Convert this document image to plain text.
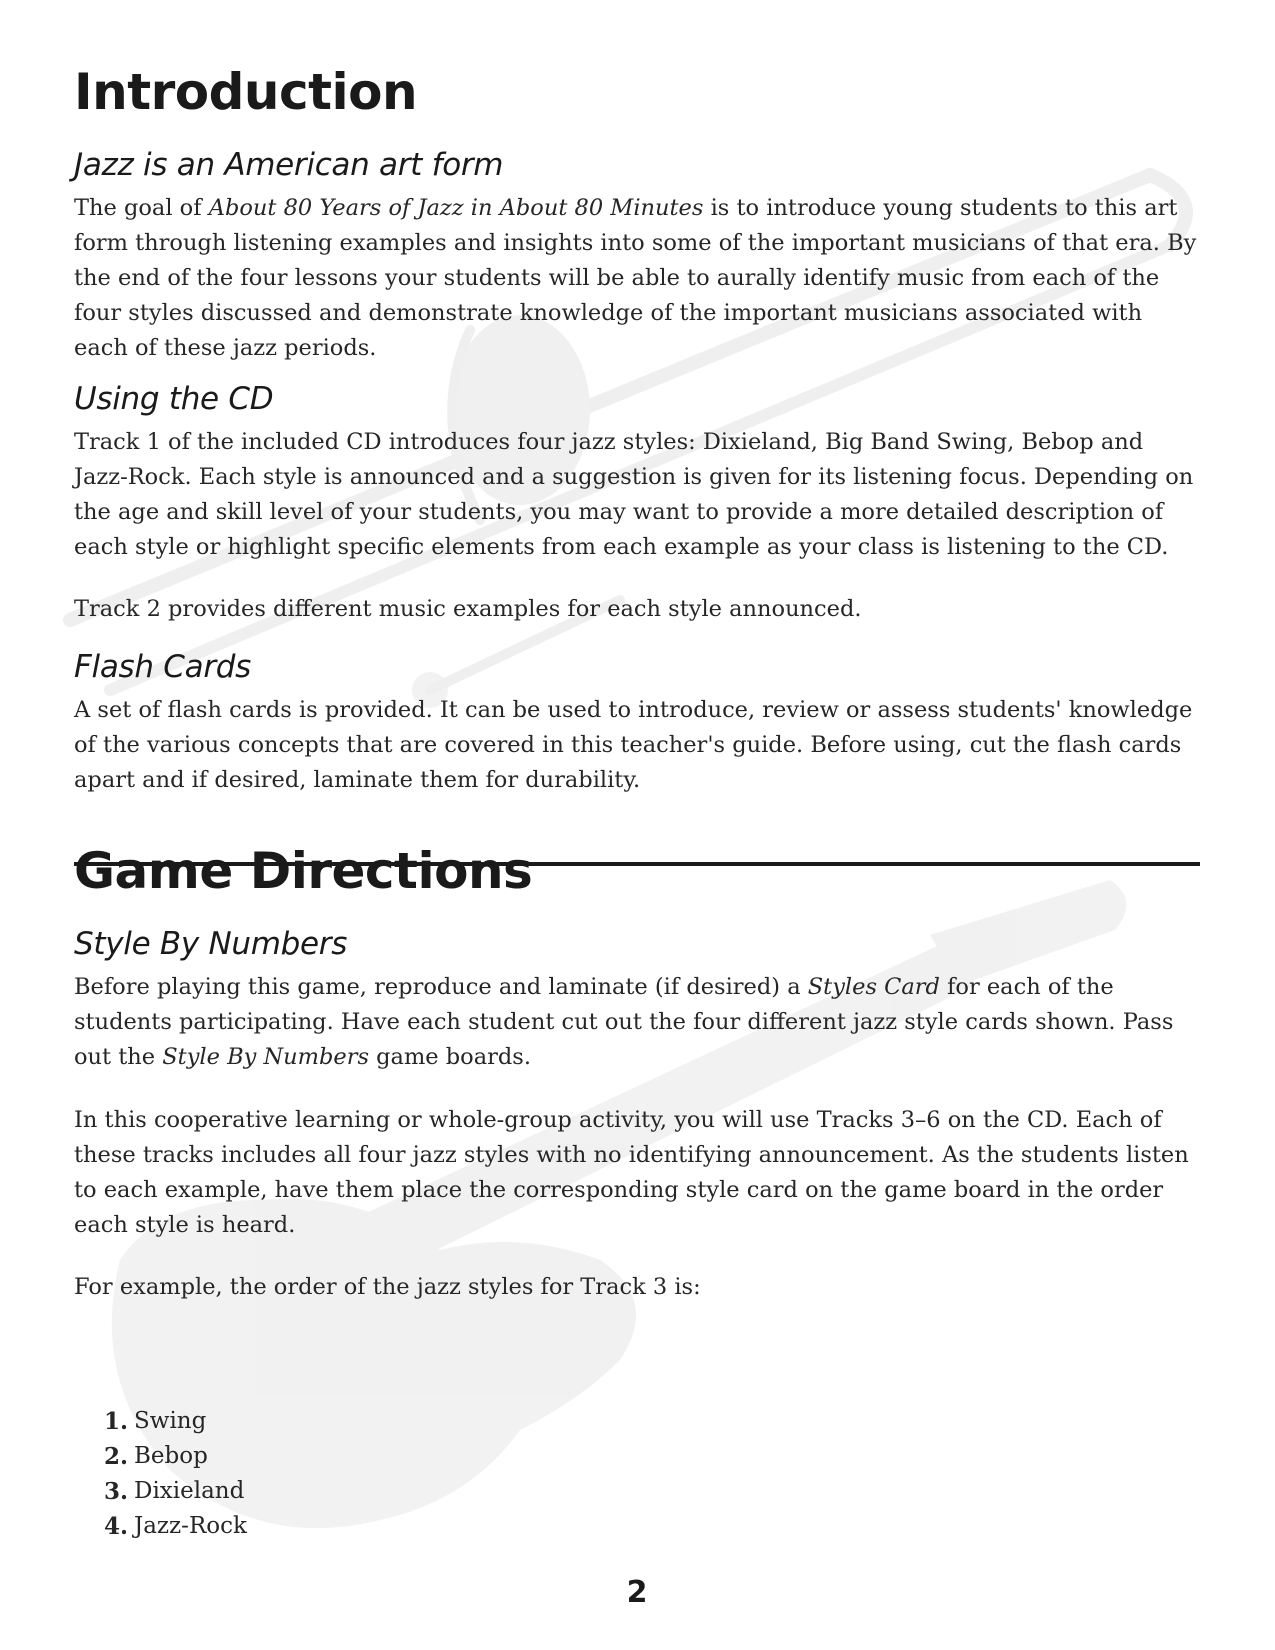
Introduction
Jazz is an American art form

The goal of About 80 Years of Jazz in About 80 Minutes is to introduce young students to this art form through listening examples and insights into some of the important musicians of that era. By the end of the four lessons your students will be able to aurally identify music from each of the four styles discussed and demonstrate knowledge of the important musicians associated with each of these jazz periods.

Using the CD

Track 1 of the included CD introduces four jazz styles: Dixieland, Big Band Swing, Bebop and Jazz-Rock. Each style is announced and a suggestion is given for its listening focus. Depending on the age and skill level of your students, you may want to provide a more detailed description of each style or highlight specific elements from each example as your class is listening to the CD.

Track 2 provides different music examples for each style announced.

Flash Cards

A set of flash cards is provided. It can be used to introduce, review or assess students' knowledge of the various concepts that are covered in this teacher's guide. Before using, cut the flash cards apart and if desired, laminate them for durability.

Game Directions
Style By Numbers

Before playing this game, reproduce and laminate (if desired) a Styles Card for each of the students participating. Have each student cut out the four different jazz style cards shown. Pass out the Style By Numbers game boards.

In this cooperative learning or whole-group activity, you will use Tracks 3–6 on the CD. Each of these tracks includes all four jazz styles with no identifying announcement. As the students listen to each example, have them place the corresponding style card on the game board in the order each style is heard.

For example, the order of the jazz styles for Track 3 is:

1. Swing
2. Bebop
3. Dixieland
4. Jazz-Rock
2
